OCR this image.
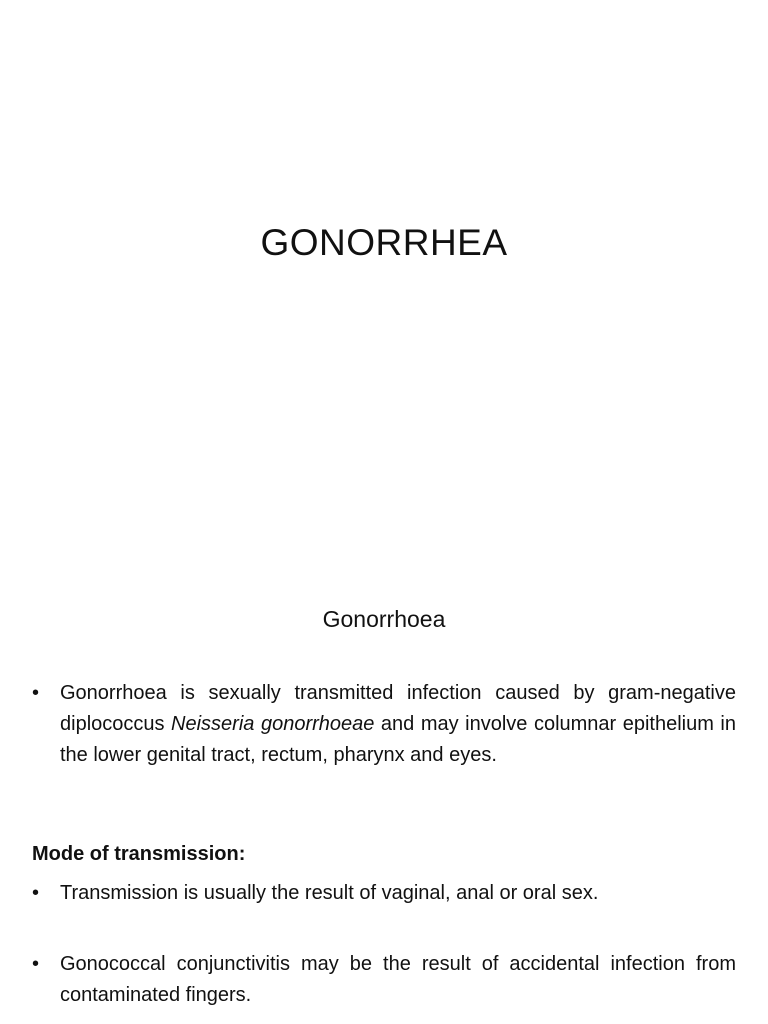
GONORRHEA
Gonorrhoea
•	Gonorrhoea is sexually transmitted infection caused by gram-negative diplococcus Neisseria gonorrhoeae and may involve columnar epithelium in the lower genital tract, rectum, pharynx and eyes.

Mode of transmission:

•	Transmission is usually the result of vaginal, anal or oral sex.
•	Gonococcal conjunctivitis may be the result of accidental infection from contaminated fingers.
